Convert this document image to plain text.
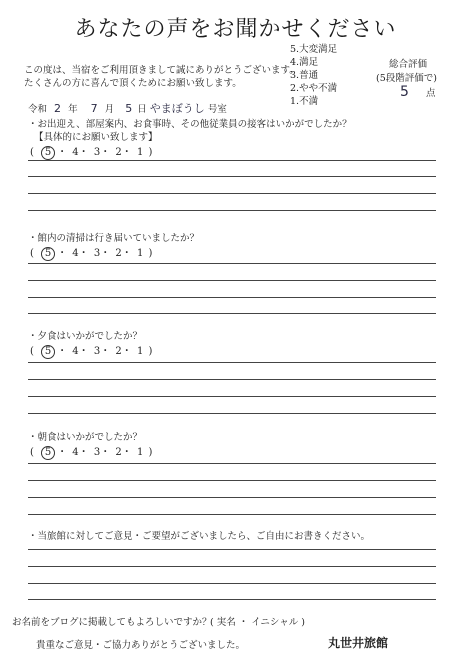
あなたの声をお聞かせください
この度は、当宿をご利用頂きまして誠にありがとうございます。
たくさんの方に喜んで頂くためにお願い致します。
5.大変満足
4.満足
3.普通
2.やや不満
1.不満
総合評価
(5段階評価で)
5 点
令和 2 年 7 月 5 日 やまぼうし 号室
・お出迎え、部屋案内、お食事時、その他従業員の接客はいかがでしたか？
【具体的にお願い致します】
( 5 ・ 4・ 3・ 2・ 1 )
・館内の清掃は行き届いていましたか？
( 5 ・ 4・ 3・ 2・ 1 )
・夕食はいかがでしたか？
( 5 ・ 4・ 3・ 2・ 1 )
・朝食はいかがでしたか？
( 5 ・ 4・ 3・ 2・ 1 )
・当旅館に対してご意見・ご要望がございましたら、ご自由にお書きください。
お名前をブログに掲載してもよろしいですか？
( 実名 ・ イニシャル )
貴重なご意見・ご協力ありがとうございました。	丸世井旅館
